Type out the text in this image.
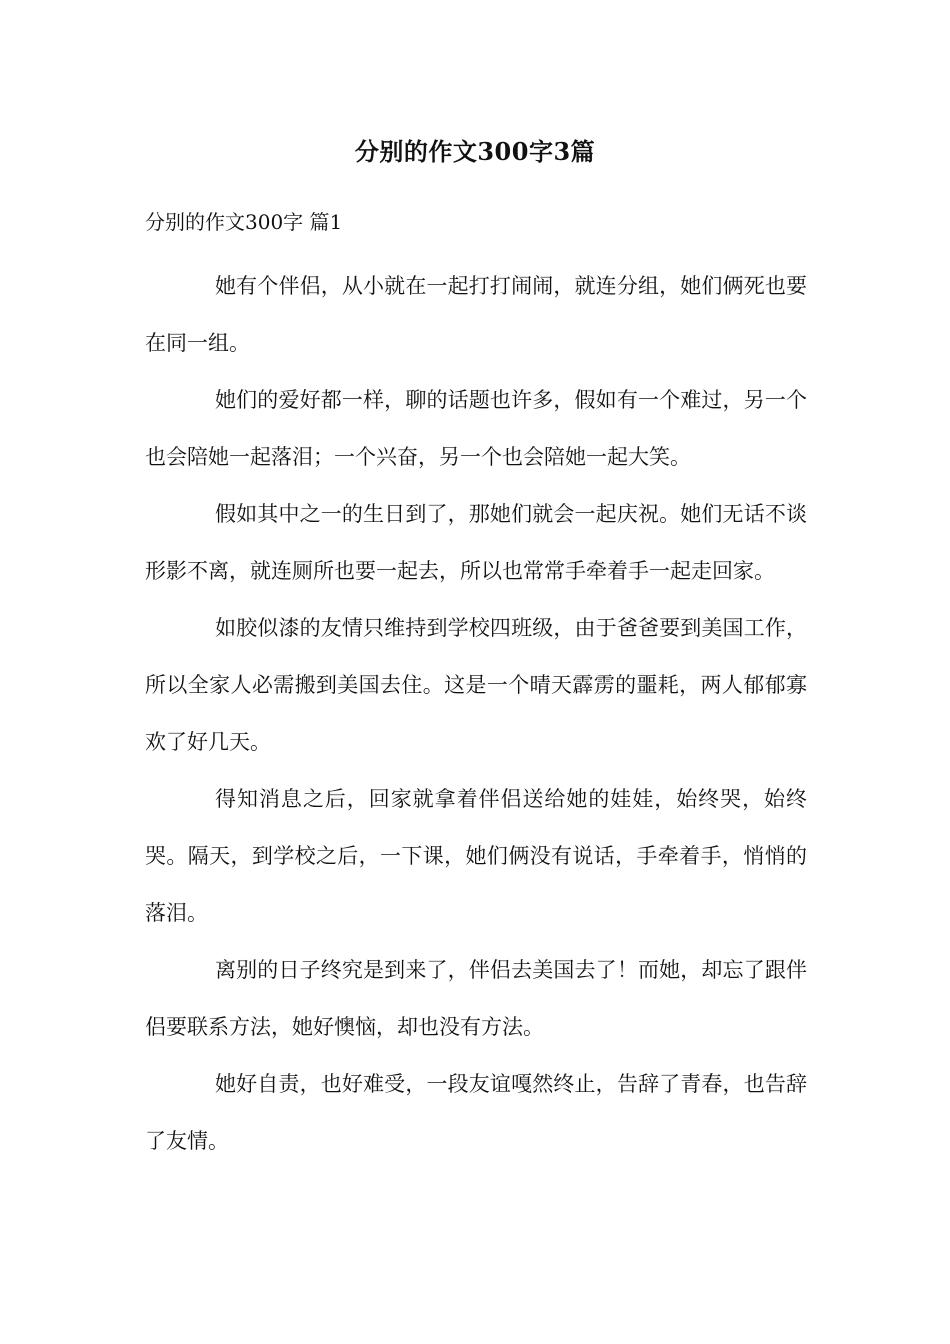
分别的作文300字3篇

分别的作文300字 篇1

她有个伴侣，从小就在一起打打闹闹，就连分组，她们俩死也要在同一组。

她们的爱好都一样，聊的话题也许多，假如有一个难过，另一个也会陪她一起落泪；一个兴奋，另一个也会陪她一起大笑。

假如其中之一的生日到了，那她们就会一起庆祝。她们无话不谈形影不离，就连厕所也要一起去，所以也常常手牵着手一起走回家。

如胶似漆的友情只维持到学校四班级，由于爸爸要到美国工作，所以全家人必需搬到美国去住。这是一个晴天霹雳的噩耗，两人郁郁寡欢了好几天。

得知消息之后，回家就拿着伴侣送给她的娃娃，始终哭，始终哭。隔天，到学校之后，一下课，她们俩没有说话，手牵着手，悄悄的落泪。

离别的日子终究是到来了，伴侣去美国去了！而她，却忘了跟伴侣要联系方法，她好懊恼，却也没有方法。

她好自责，也好难受，一段友谊嘎然终止，告辞了青春，也告辞了友情。
